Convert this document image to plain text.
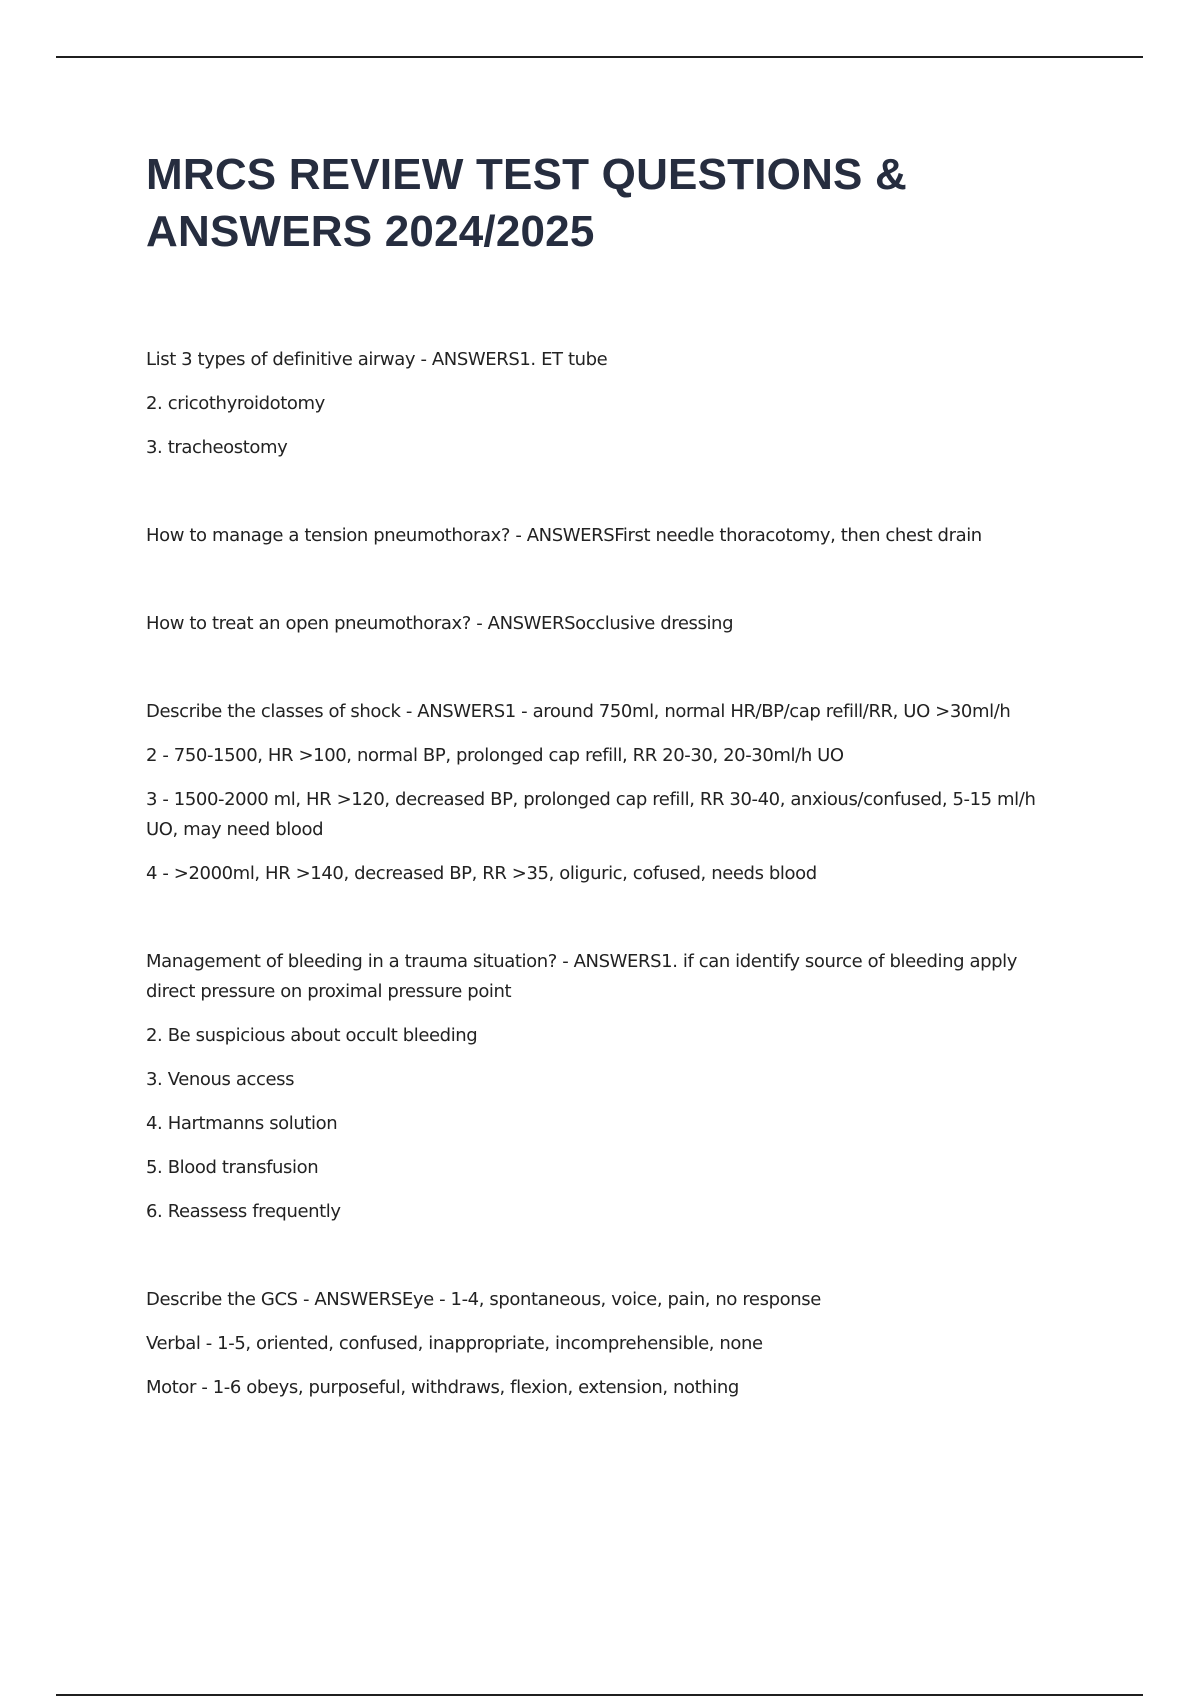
MRCS REVIEW TEST QUESTIONS & ANSWERS 2024/2025

List 3 types of definitive airway - ANSWERS1. ET tube

2. cricothyroidotomy

3. tracheostomy

How to manage a tension pneumothorax? - ANSWERSFirst needle thoracotomy, then chest drain

How to treat an open pneumothorax? - ANSWERSocclusive dressing

Describe the classes of shock - ANSWERS1 - around 750ml, normal HR/BP/cap refill/RR, UO >30ml/h

2 - 750-1500, HR >100, normal BP, prolonged cap refill, RR 20-30, 20-30ml/h UO

3 - 1500-2000 ml, HR >120, decreased BP, prolonged cap refill, RR 30-40, anxious/confused, 5-15 ml/h UO, may need blood

4 - >2000ml, HR >140, decreased BP, RR >35, oliguric, cofused, needs blood

Management of bleeding in a trauma situation? - ANSWERS1. if can identify source of bleeding apply direct pressure on proximal pressure point

2. Be suspicious about occult bleeding

3. Venous access

4. Hartmanns solution

5. Blood transfusion

6. Reassess frequently

Describe the GCS - ANSWERSEye - 1-4, spontaneous, voice, pain, no response

Verbal - 1-5, oriented, confused, inappropriate, incomprehensible, none

Motor - 1-6 obeys, purposeful, withdraws, flexion, extension, nothing
